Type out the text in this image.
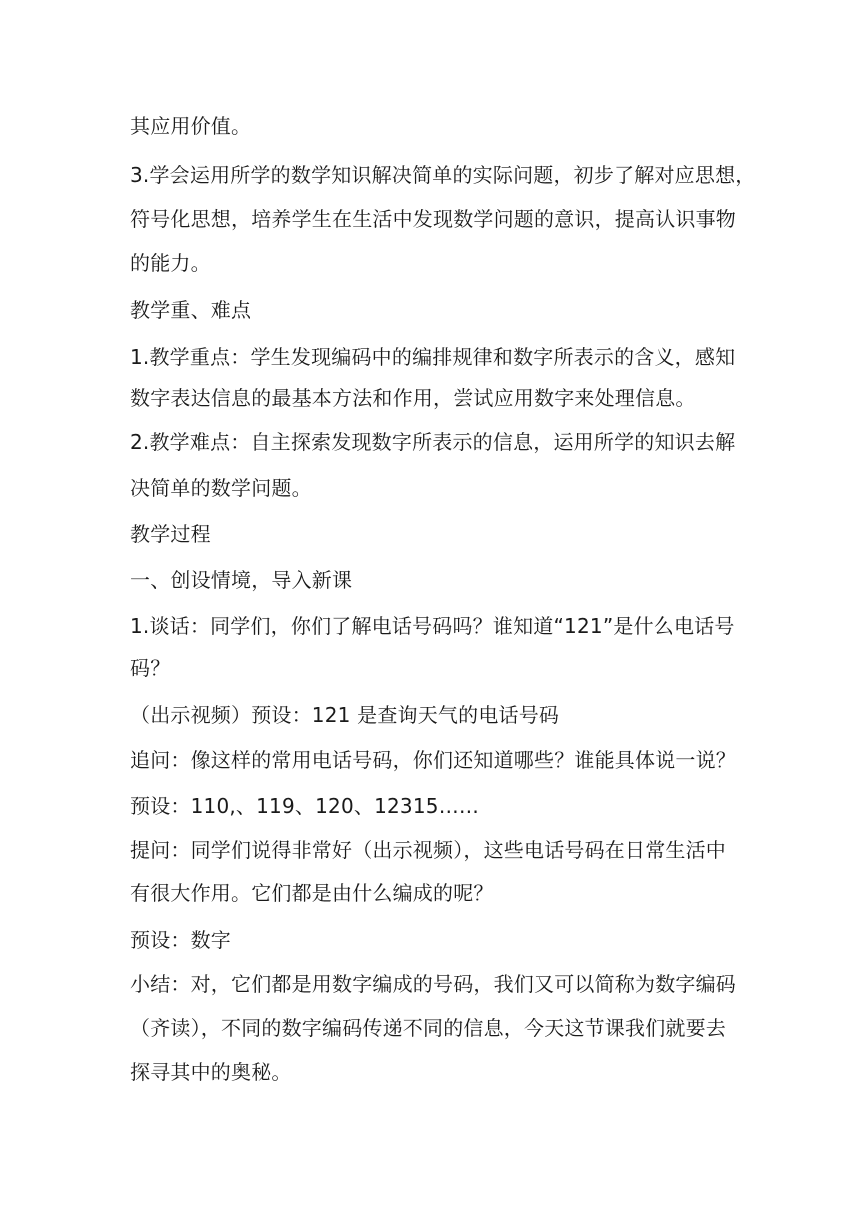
其应用价值。
3.学会运用所学的数学知识解决简单的实际问题，初步了解对应思想，
符号化思想，培养学生在生活中发现数学问题的意识，提高认识事物
的能力。
教学重、难点
1.教学重点：学生发现编码中的编排规律和数字所表示的含义，感知
数字表达信息的最基本方法和作用，尝试应用数字来处理信息。
2.教学难点：自主探索发现数字所表示的信息，运用所学的知识去解
决简单的数学问题。
教学过程
一、创设情境，导入新课
1.谈话：同学们，你们了解电话号码吗？谁知道“121”是什么电话号
码？
（出示视频）预设：121 是查询天气的电话号码
追问：像这样的常用电话号码，你们还知道哪些？谁能具体说一说？
预设：110,、119、120、12315……
提问：同学们说得非常好（出示视频），这些电话号码在日常生活中
有很大作用。它们都是由什么编成的呢？
预设：数字
小结：对，它们都是用数字编成的号码，我们又可以简称为数字编码
（齐读），不同的数字编码传递不同的信息，今天这节课我们就要去
探寻其中的奥秘。
